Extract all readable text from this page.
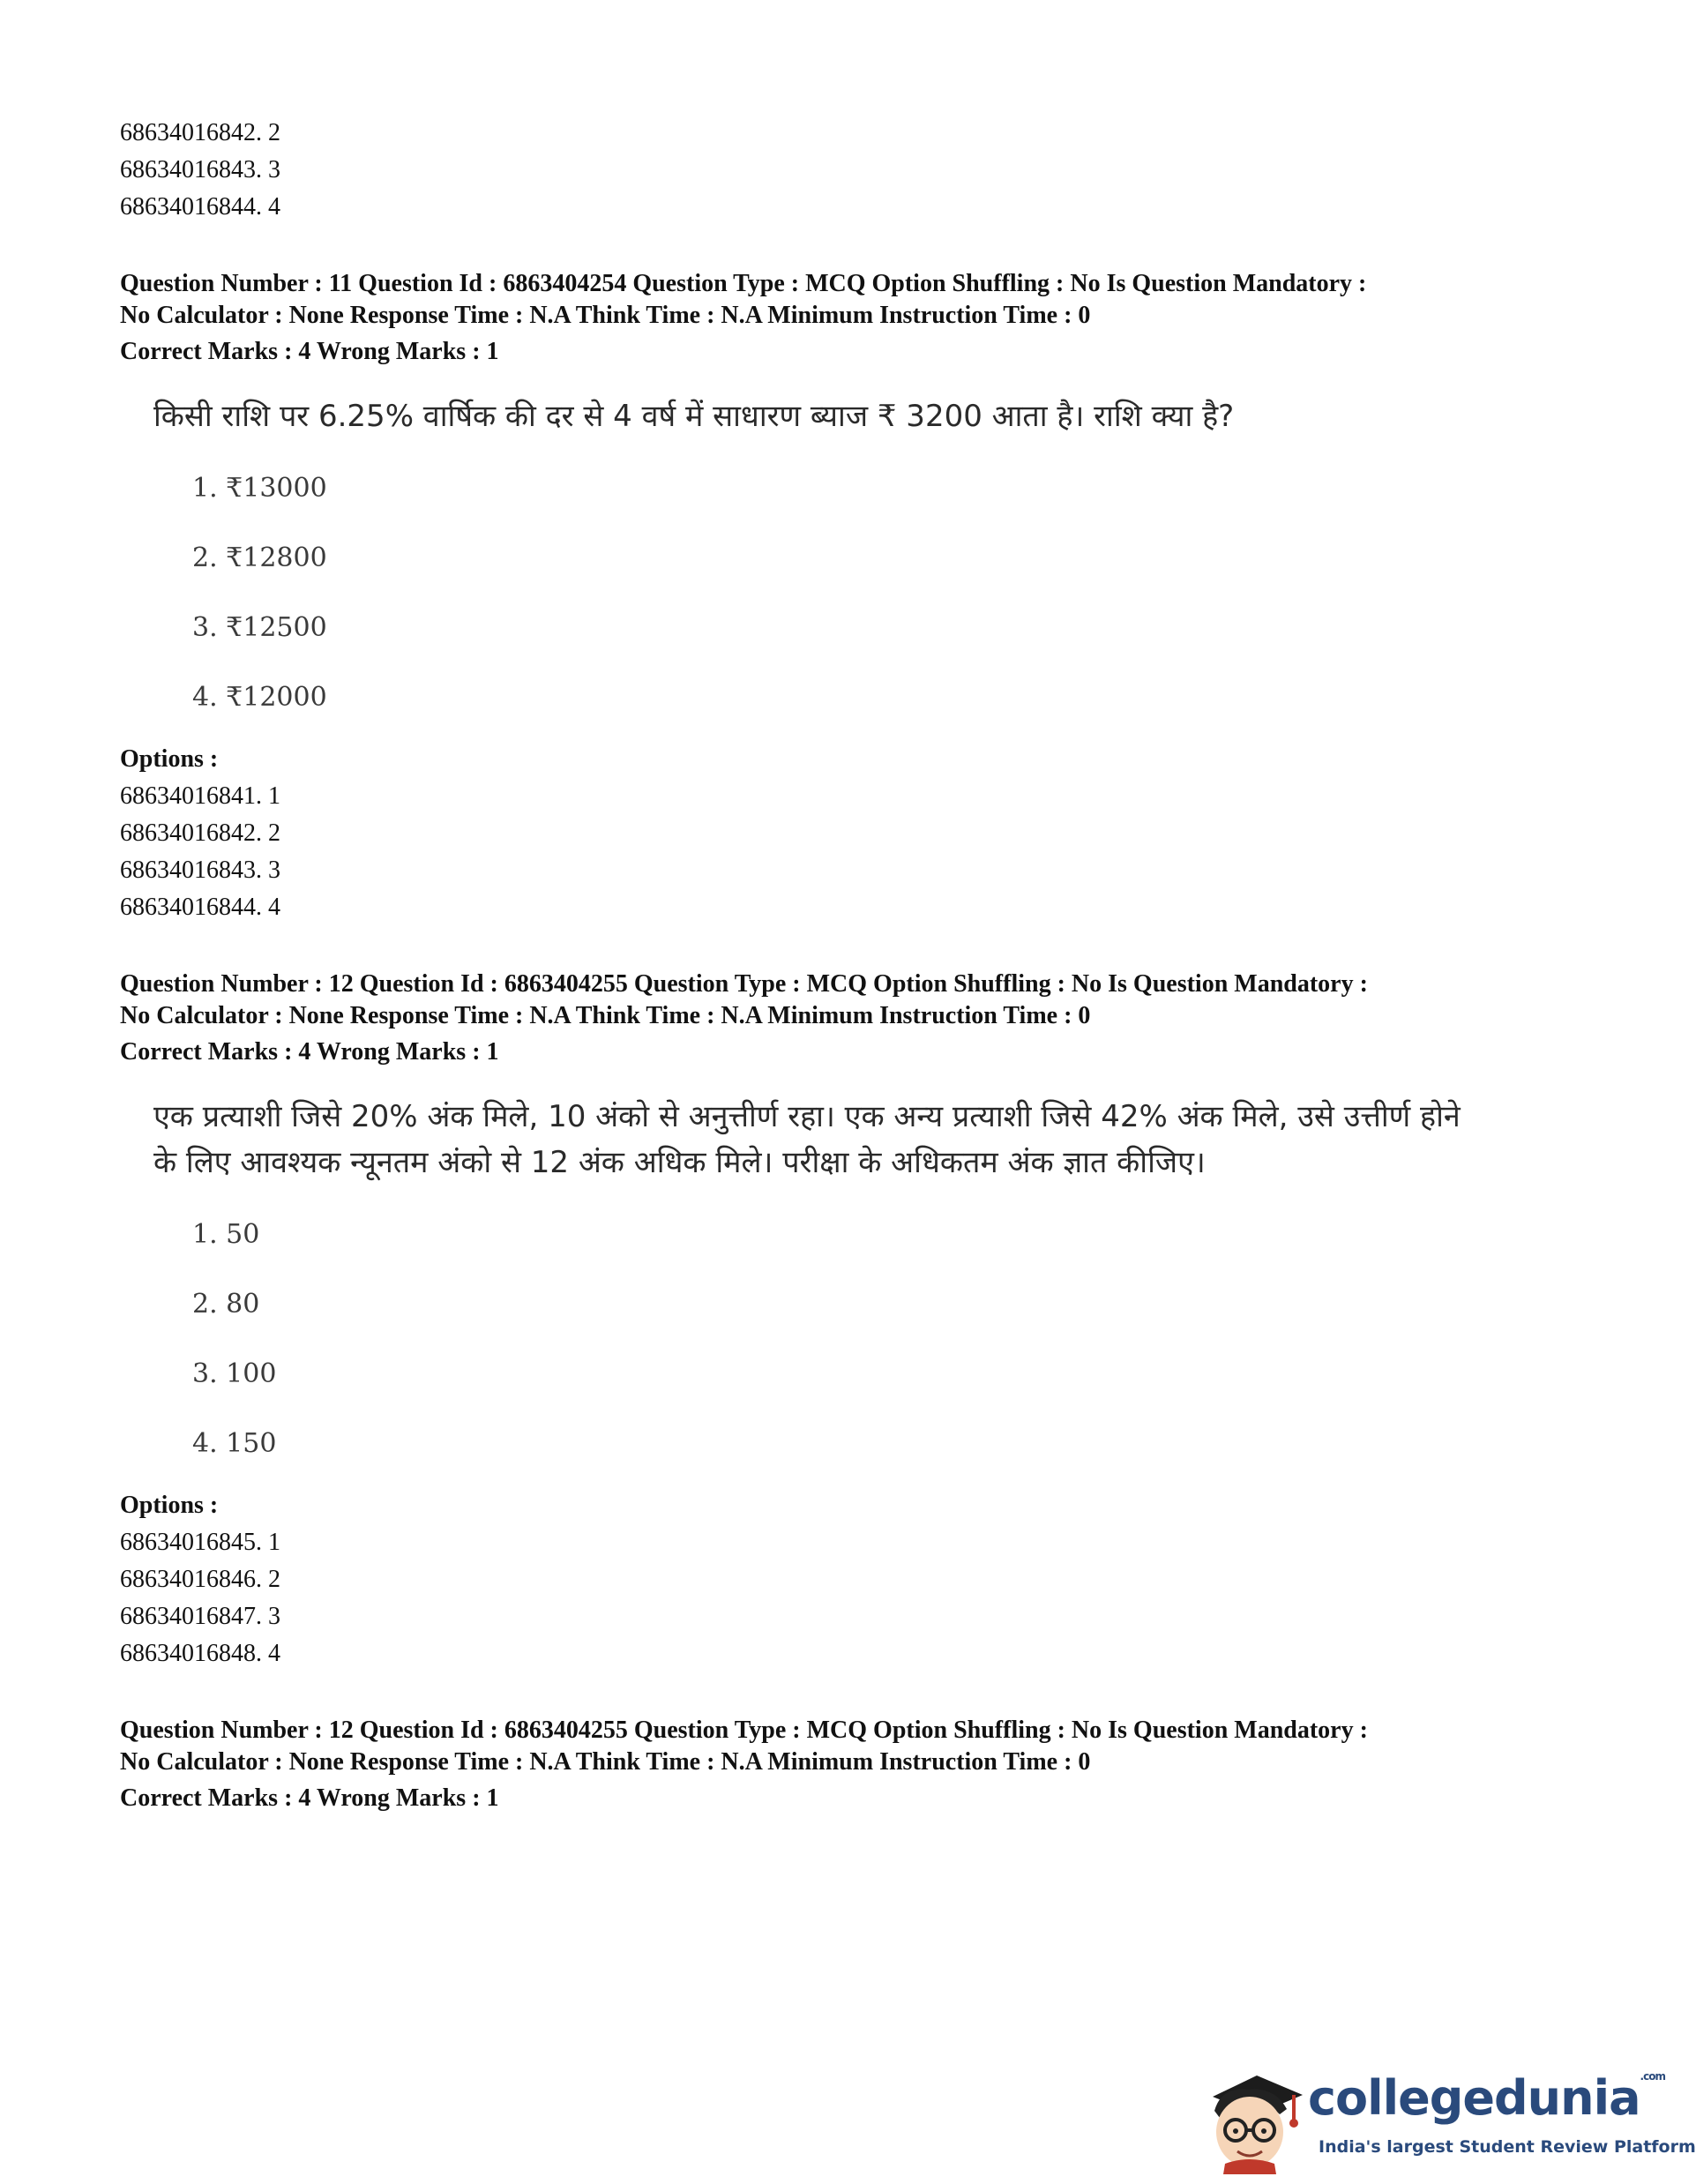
68634016842. 2
68634016843. 3
68634016844. 4
Question Number : 11 Question Id : 6863404254 Question Type : MCQ Option Shuffling : No Is Question Mandatory :
No Calculator : None Response Time : N.A Think Time : N.A Minimum Instruction Time : 0
Correct Marks : 4 Wrong Marks : 1
किसी राशि पर 6.25% वार्षिक की दर से 4 वर्ष में साधारण ब्याज ₹ 3200 आता है। राशि क्या है?
1. ₹13000
2. ₹12800
3. ₹12500
4. ₹12000
Options :
68634016841. 1
68634016842. 2
68634016843. 3
68634016844. 4
Question Number : 12 Question Id : 6863404255 Question Type : MCQ Option Shuffling : No Is Question Mandatory :
No Calculator : None Response Time : N.A Think Time : N.A Minimum Instruction Time : 0
Correct Marks : 4 Wrong Marks : 1
एक प्रत्याशी जिसे 20% अंक मिले, 10 अंको से अनुत्तीर्ण रहा। एक अन्य प्रत्याशी जिसे 42% अंक मिले, उसे उत्तीर्ण होने
के लिए आवश्यक न्यूनतम अंको से 12 अंक अधिक मिले। परीक्षा के अधिकतम अंक ज्ञात कीजिए।
1. 50
2. 80
3. 100
4. 150
Options :
68634016845. 1
68634016846. 2
68634016847. 3
68634016848. 4
Question Number : 12 Question Id : 6863404255 Question Type : MCQ Option Shuffling : No Is Question Mandatory :
No Calculator : None Response Time : N.A Think Time : N.A Minimum Instruction Time : 0
Correct Marks : 4 Wrong Marks : 1
collegedunia$^{.com}$
India's largest Student Review Platform
